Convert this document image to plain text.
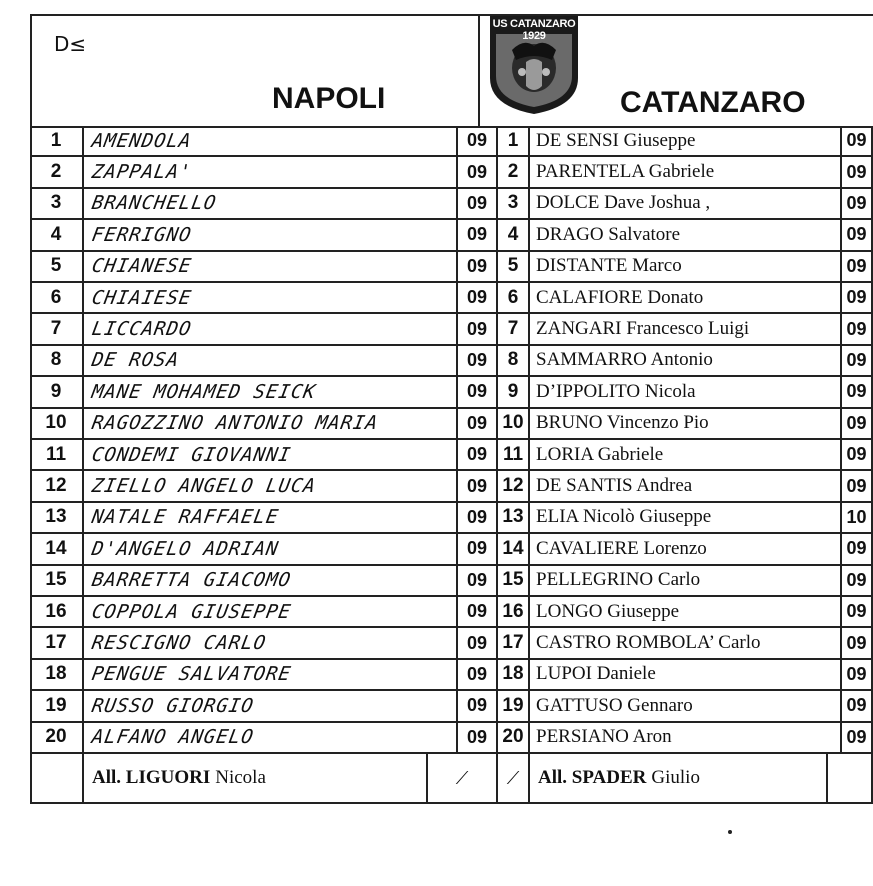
D≤
NAPOLI	CATANZARO
US CATANZARO 1929
1 AMENDOLA	09 1 DE SENSI Giuseppe	09
2 ZAPPALA'	09 2 PARENTELA Gabriele	09
3 BRANCHELLO	09 3 DOLCE Dave Joshua ,	09
4 FERRIGNO	09 4 DRAGO Salvatore	09
5 CHIANESE	09 5 DISTANTE Marco	09
6 CHIAIESE	09 6 CALAFIORE Donato	09
7 LICCARDO	09 7 ZANGARI Francesco Luigi	09
8 DE ROSA	09 8 SAMMARRO Antonio	09
9 MANE MOHAMED SEICK	09 9 D’IPPOLITO Nicola	09
10 RAGOZZINO ANTONIO MARIA	09 10 BRUNO Vincenzo Pio	09
11 CONDEMI GIOVANNI	09 11 LORIA Gabriele	09
12 ZIELLO ANGELO LUCA	09 12 DE SANTIS Andrea	09
13 NATALE RAFFAELE	09 13 ELIA Nicolò Giuseppe	10
14 D'ANGELO ADRIAN	09 14 CAVALIERE Lorenzo	09
15 BARRETTA GIACOMO	09 15 PELLEGRINO Carlo	09
16 COPPOLA GIUSEPPE	09 16 LONGO Giuseppe	09
17 RESCIGNO CARLO	09 17 CASTRO ROMBOLA’ Carlo	09
18 PENGUE SALVATORE	09 18 LUPOI Daniele	09
19 RUSSO GIORGIO	09 19 GATTUSO Gennaro	09
20 ALFANO ANGELO	09 20 PERSIANO Aron	09
All. LIGUORI Nicola	⟋ ⟋ All. SPADER Giulio
